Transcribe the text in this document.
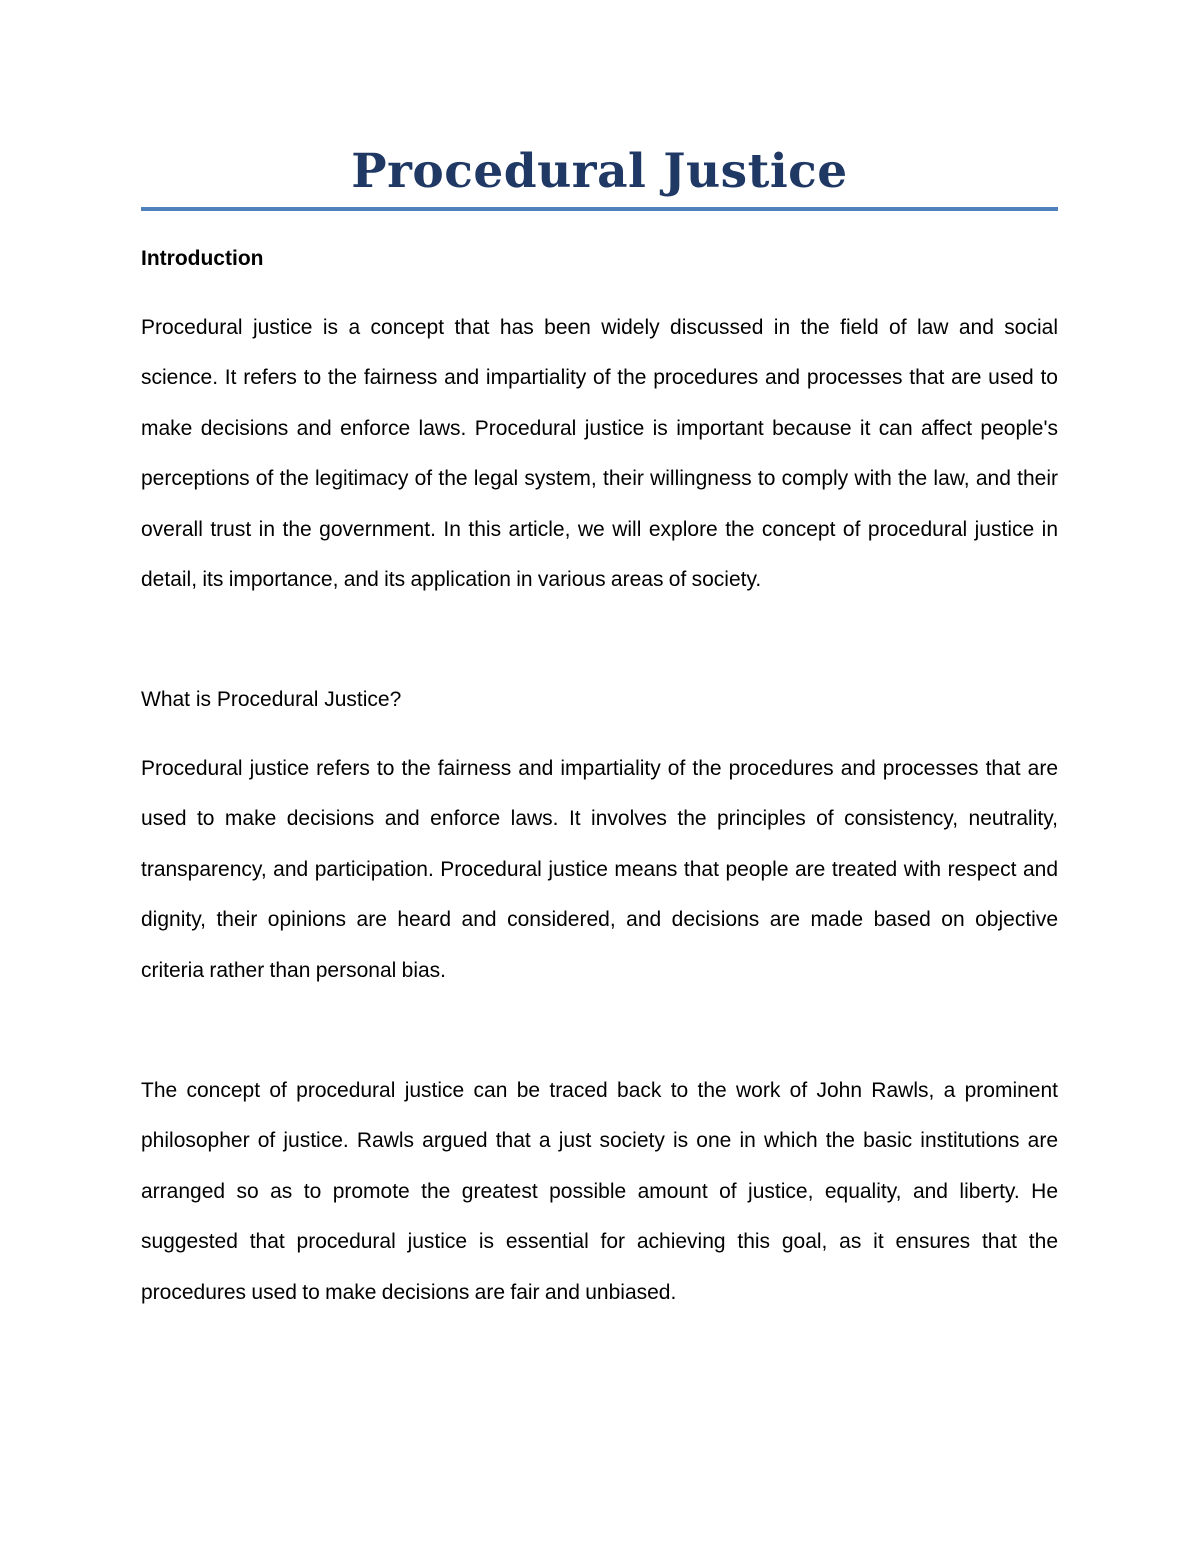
Procedural Justice
Introduction

Procedural justice is a concept that has been widely discussed in the field of law and social science. It refers to the fairness and impartiality of the procedures and processes that are used to make decisions and enforce laws. Procedural justice is important because it can affect people's perceptions of the legitimacy of the legal system, their willingness to comply with the law, and their overall trust in the government. In this article, we will explore the concept of procedural justice in detail, its importance, and its application in various areas of society.

What is Procedural Justice?

Procedural justice refers to the fairness and impartiality of the procedures and processes that are used to make decisions and enforce laws. It involves the principles of consistency, neutrality, transparency, and participation. Procedural justice means that people are treated with respect and dignity, their opinions are heard and considered, and decisions are made based on objective criteria rather than personal bias.

The concept of procedural justice can be traced back to the work of John Rawls, a prominent philosopher of justice. Rawls argued that a just society is one in which the basic institutions are arranged so as to promote the greatest possible amount of justice, equality, and liberty. He suggested that procedural justice is essential for achieving this goal, as it ensures that the procedures used to make decisions are fair and unbiased.
